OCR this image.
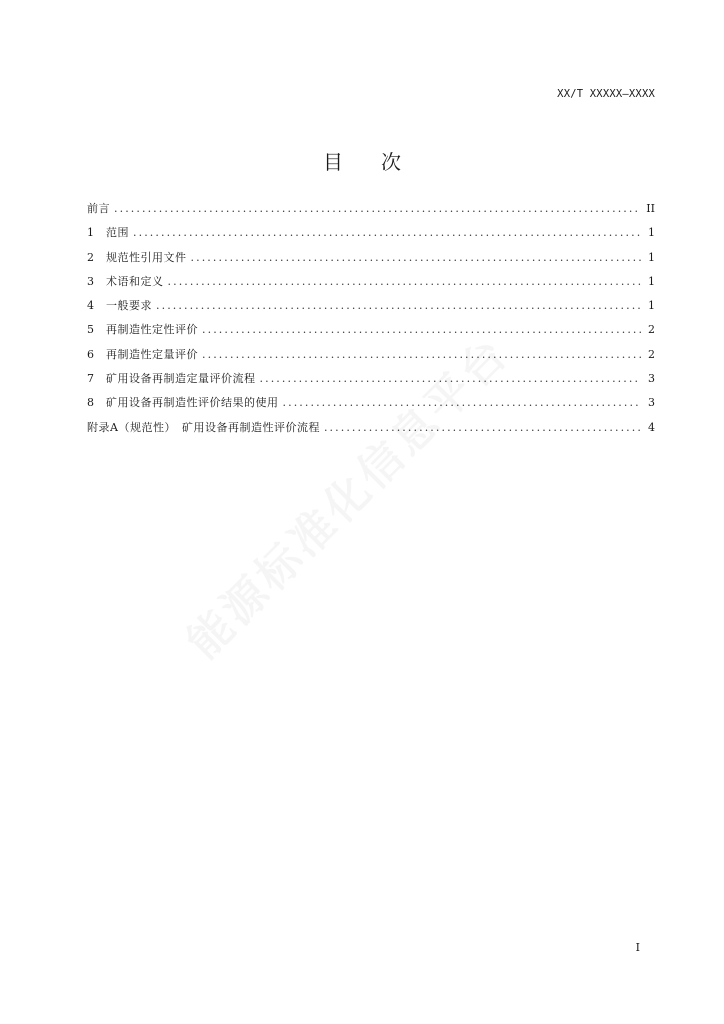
XX/T XXXXX—XXXX
目 次
前言 .....	II
1	范围 .....	1
2	规范性引用文件 .....	1
3	术语和定义 .....	1
4	一般要求 .....	1
5	再制造性定性评价 .....	2
6	再制造性定量评价 .....	2
7	矿用设备再制造定量评价流程 .....	3
8	矿用设备再制造性评价结果的使用 .....	3
附录A（规范性）　矿用设备再制造性评价流程 .....	4
I
